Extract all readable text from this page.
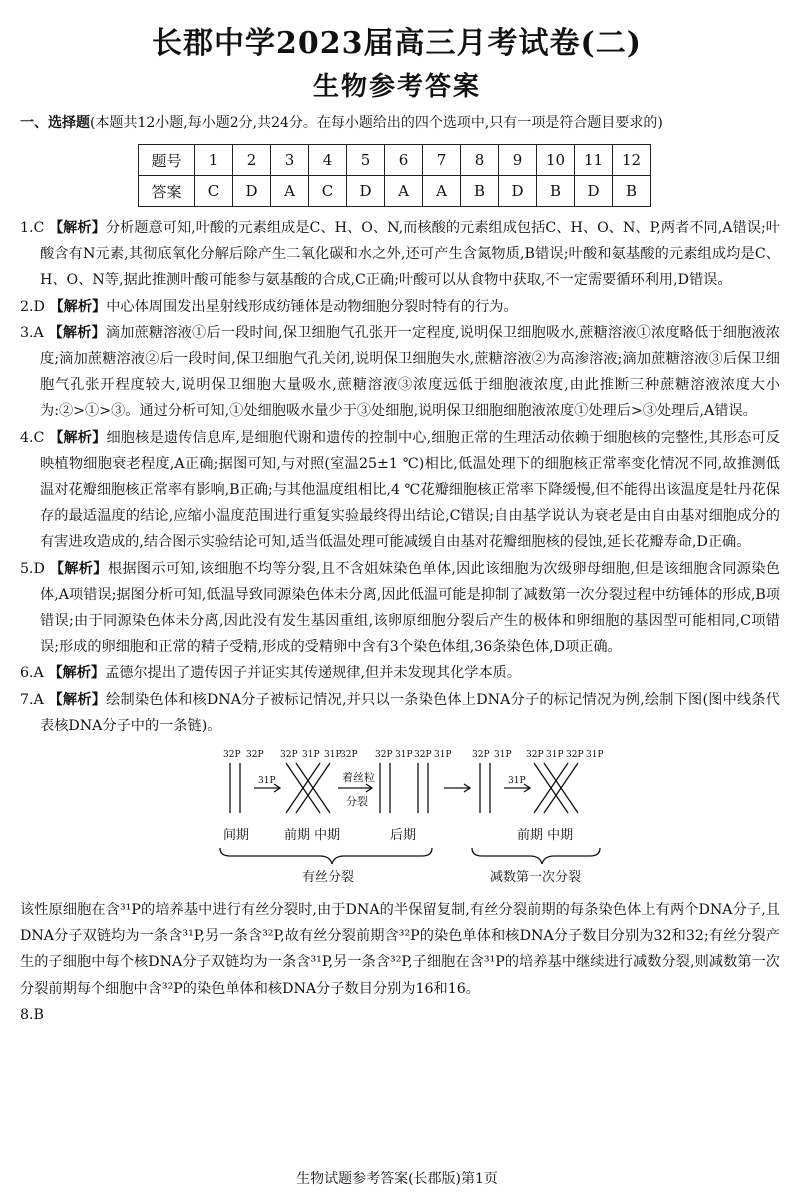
长郡中学2023届高三月考试卷(二)
生物参考答案
一、选择题(本题共12小题,每小题2分,共24分。在每小题给出的四个选项中,只有一项是符合题目要求的)
题号	1	2	3	4	5	6	7	8	9	10	11	12
答案	C	D	A	C	D	A	A	B	D	B	D	B

1.C 【解析】分析题意可知,叶酸的元素组成是C、H、O、N,而核酸的元素组成包括C、H、O、N、P,两者不同,A错误;叶酸含有N元素,其彻底氧化分解后除产生二氧化碳和水之外,还可产生含氮物质,B错误;叶酸和氨基酸的元素组成均是C、H、O、N等,据此推测叶酸可能参与氨基酸的合成,C正确;叶酸可以从食物中获取,不一定需要循环利用,D错误。

2.D 【解析】中心体周围发出星射线形成纺锤体是动物细胞分裂时特有的行为。

3.A 【解析】滴加蔗糖溶液①后一段时间,保卫细胞气孔张开一定程度,说明保卫细胞吸水,蔗糖溶液①浓度略低于细胞液浓度;滴加蔗糖溶液②后一段时间,保卫细胞气孔关闭,说明保卫细胞失水,蔗糖溶液②为高渗溶液;滴加蔗糖溶液③后保卫细胞气孔张开程度较大,说明保卫细胞大量吸水,蔗糖溶液③浓度远低于细胞液浓度,由此推断三种蔗糖溶液浓度大小为:②>①>③。通过分析可知,①处细胞吸水量少于③处细胞,说明保卫细胞细胞液浓度①处理后>③处理后,A错误。

4.C 【解析】细胞核是遗传信息库,是细胞代谢和遗传的控制中心,细胞正常的生理活动依赖于细胞核的完整性,其形态可反映植物细胞衰老程度,A正确;据图可知,与对照(室温25±1 ℃)相比,低温处理下的细胞核正常率变化情况不同,故推测低温对花瓣细胞核正常率有影响,B正确;与其他温度组相比,4 ℃花瓣细胞核正常率下降缓慢,但不能得出该温度是牡丹花保存的最适温度的结论,应缩小温度范围进行重复实验最终得出结论,C错误;自由基学说认为衰老是由自由基对细胞成分的有害进攻造成的,结合图示实验结论可知,适当低温处理可能减缓自由基对花瓣细胞核的侵蚀,延长花瓣寿命,D正确。

5.D 【解析】根据图示可知,该细胞不均等分裂,且不含姐妹染色单体,因此该细胞为次级卵母细胞,但是该细胞含同源染色体,A项错误;据图分析可知,低温导致同源染色体未分离,因此低温可能是抑制了减数第一次分裂过程中纺锤体的形成,B项错误;由于同源染色体未分离,因此没有发生基因重组,该卵原细胞分裂后产生的极体和卵细胞的基因型可能相同,C项错误;形成的卵细胞和正常的精子受精,形成的受精卵中含有3个染色体组,36条染色体,D项正确。

6.A 【解析】孟德尔提出了遗传因子并证实其传递规律,但并未发现其化学本质。

7.A 【解析】绘制染色体和核DNA分子被标记情况,并只以一条染色体上DNA分子的标记情况为例,绘制下图(图中线条代表核DNA分子中的一条链)。

32P 32P 32P 31P 31P
32P 32P 31P 32P 31P 32P 31P 32P 31P 32P 31P
31P	31P
着丝粒
分裂
间期	前期 中期	后期	前期 中期
有丝分裂	减数第一次分裂

该性原细胞在含³¹P的培养基中进行有丝分裂时,由于DNA的半保留复制,有丝分裂前期的每条染色体上有两个DNA分子,且DNA分子双链均为一条含³¹P,另一条含³²P,故有丝分裂前期含³²P的染色单体和核DNA分子数目分别为32和32;有丝分裂产生的子细胞中每个核DNA分子双链均为一条含³¹P,另一条含³²P,子细胞在含³¹P的培养基中继续进行减数分裂,则减数第一次分裂前期每个细胞中含³²P的染色单体和核DNA分子数目分别为16和16。

8.B

生物试题参考答案(长郡版)第1页
